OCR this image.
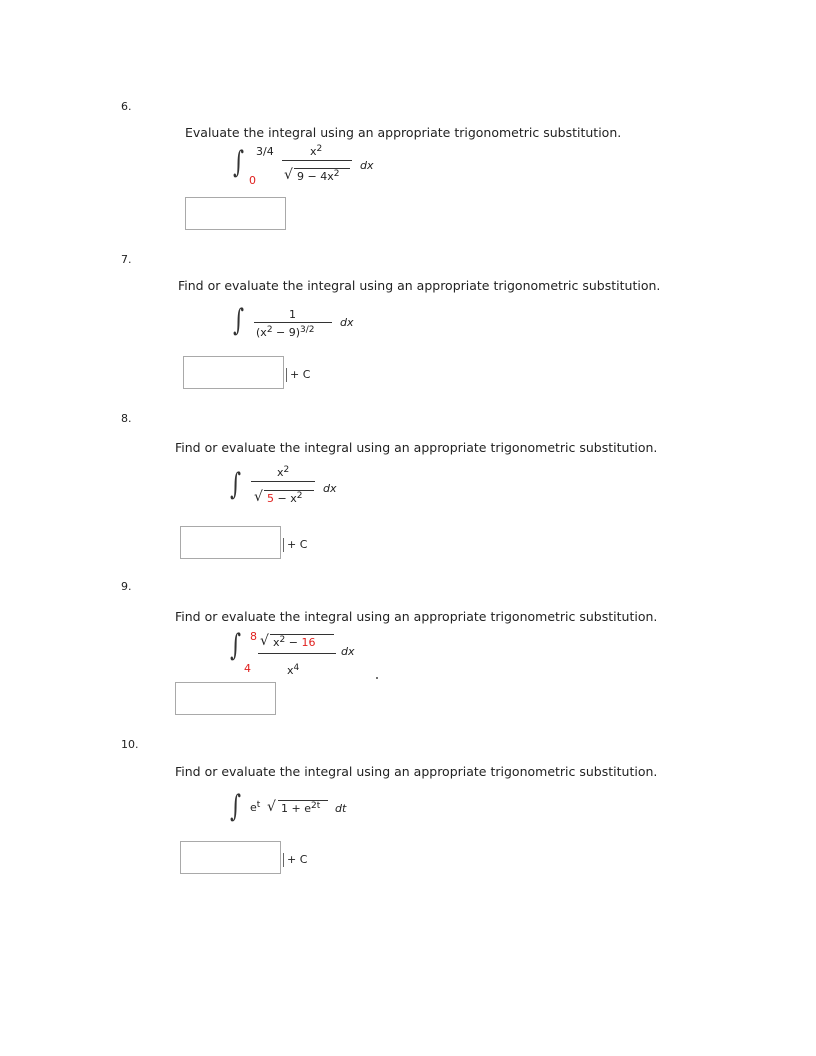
6.
Evaluate the integral using an appropriate trigonometric substitution.
∫ 3/4
0
$x^2$
√ $9 - 4x^2$
dx
7.
Find or evaluate the integral using an appropriate trigonometric substitution.
∫	1
$(x^2 - 9)^{3/2}$
dx
+ C
8.
Find or evaluate the integral using an appropriate trigonometric substitution.
∫	$x^2$
√ $5 - x^2$
dx
+ C
9.
Find or evaluate the integral using an appropriate trigonometric substitution.
∫ 8
4
√ $x^2 - 16$
$x^4$
dx
10.
Find or evaluate the integral using an appropriate trigonometric substitution.
∫ $e^t$ √ $1 + e^{2t}$ dt
+ C
